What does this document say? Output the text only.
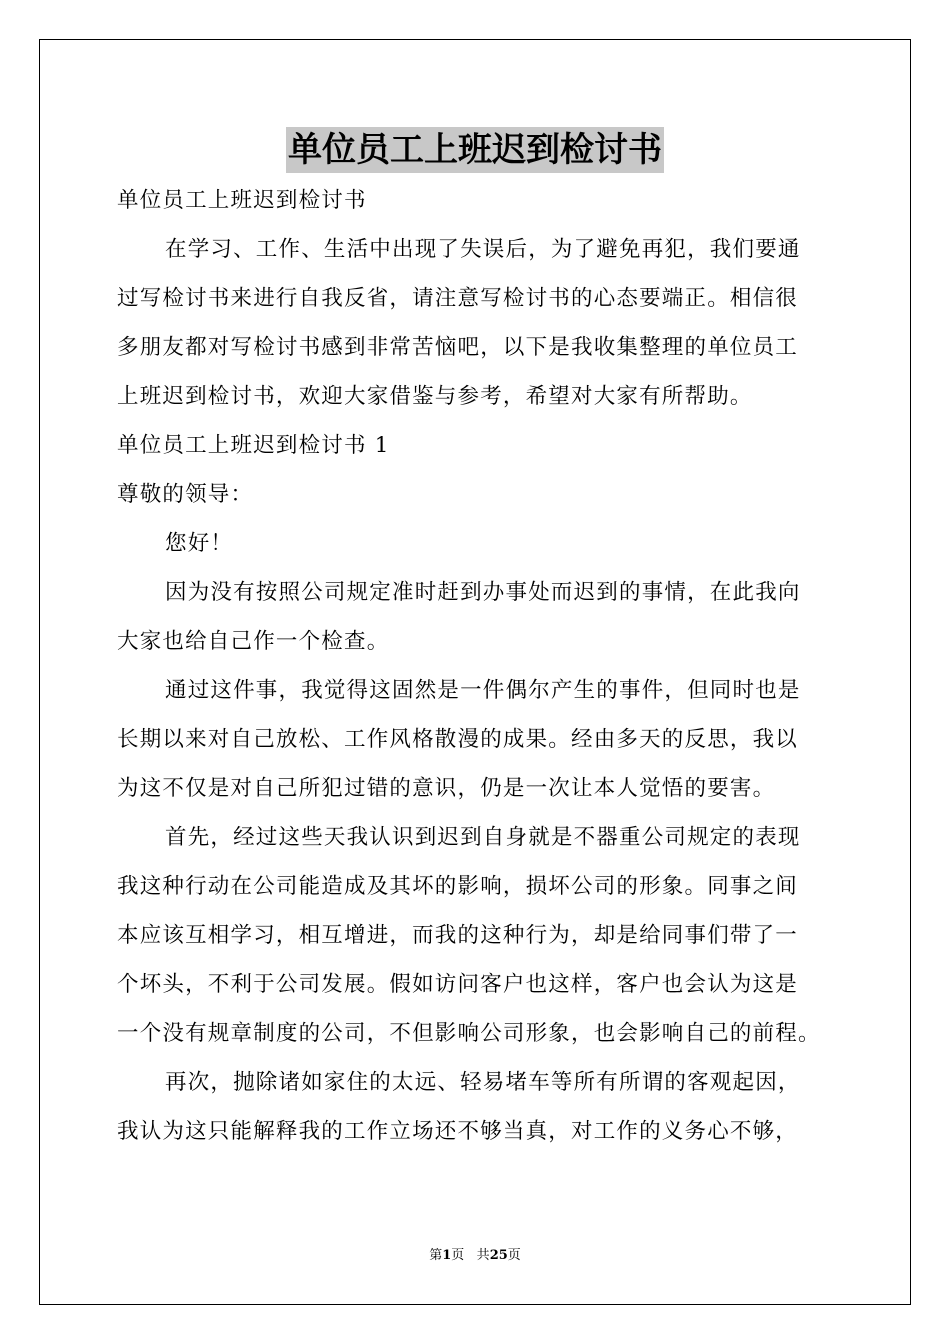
单位员工上班迟到检讨书

单位员工上班迟到检讨书

在学习、工作、生活中出现了失误后，为了避免再犯，我们要通

过写检讨书来进行自我反省，请注意写检讨书的心态要端正。相信很

多朋友都对写检讨书感到非常苦恼吧，以下是我收集整理的单位员工

上班迟到检讨书，欢迎大家借鉴与参考，希望对大家有所帮助。

单位员工上班迟到检讨书 1

尊敬的领导：

您好！

因为没有按照公司规定准时赶到办事处而迟到的事情，在此我向

大家也给自己作一个检查。

通过这件事，我觉得这固然是一件偶尔产生的事件，但同时也是

长期以来对自己放松、工作风格散漫的成果。经由多天的反思，我以

为这不仅是对自己所犯过错的意识，仍是一次让本人觉悟的要害。

首先，经过这些天我认识到迟到自身就是不器重公司规定的表现

我这种行动在公司能造成及其坏的影响，损坏公司的形象。同事之间

本应该互相学习，相互增进，而我的这种行为，却是给同事们带了一

个坏头，不利于公司发展。假如访问客户也这样，客户也会认为这是

一个没有规章制度的公司，不但影响公司形象，也会影响自己的前程。

再次，抛除诸如家住的太远、轻易堵车等所有所谓的客观起因，

我认为这只能解释我的工作立场还不够当真，对工作的义务心不够，

第1页 共25页
